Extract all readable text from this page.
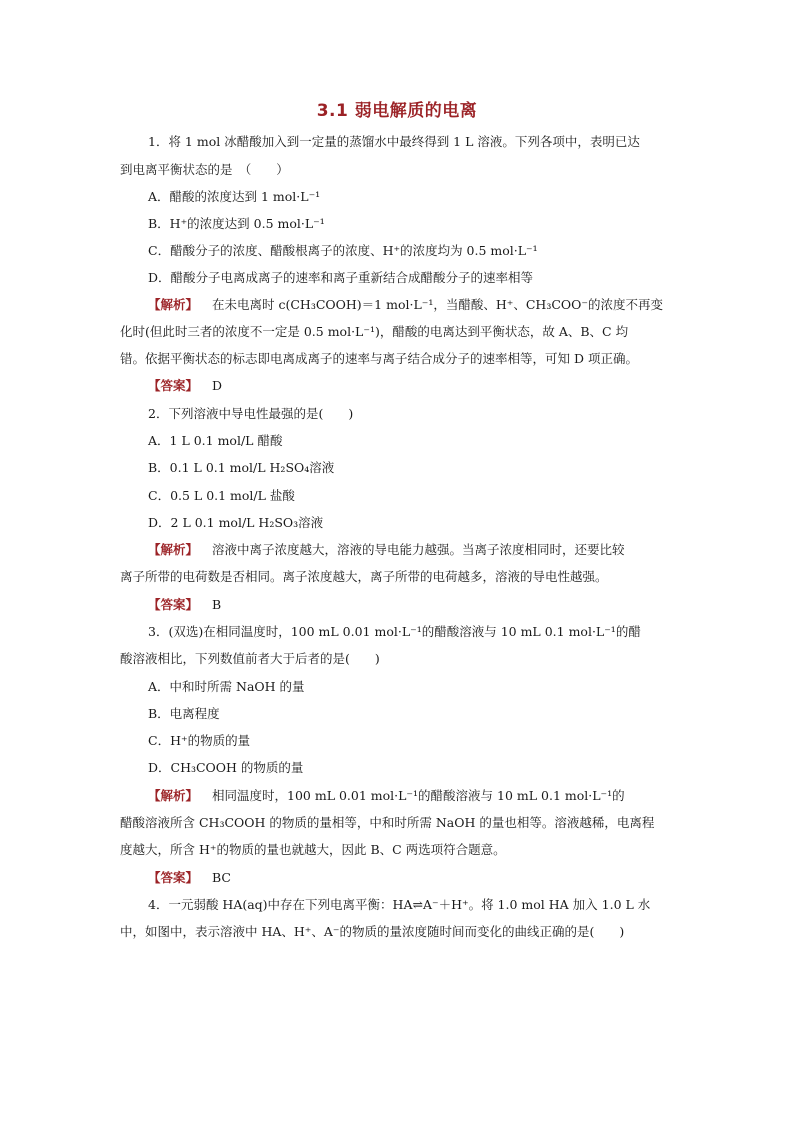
3.1 弱电解质的电离
1．将 1 mol 冰醋酸加入到一定量的蒸馏水中最终得到 1 L 溶液。下列各项中，表明已达
到电离平衡状态的是　（　　）
A．醋酸的浓度达到 1 mol·L⁻¹
B．H⁺的浓度达到 0.5 mol·L⁻¹
C．醋酸分子的浓度、醋酸根离子的浓度、H⁺的浓度均为 0.5 mol·L⁻¹
D．醋酸分子电离成离子的速率和离子重新结合成醋酸分子的速率相等
【解析】 在未电离时 c(CH₃COOH)＝1 mol·L⁻¹，当醋酸、H⁺、CH₃COO⁻的浓度不再变
化时(但此时三者的浓度不一定是 0.5 mol·L⁻¹)，醋酸的电离达到平衡状态，故 A、B、C 均
错。依据平衡状态的标志即电离成离子的速率与离子结合成分子的速率相等，可知 D 项正确。
【答案】 D
2．下列溶液中导电性最强的是(　　)
A．1 L 0.1 mol/L 醋酸
B．0.1 L 0.1 mol/L H₂SO₄溶液
C．0.5 L 0.1 mol/L 盐酸
D．2 L 0.1 mol/L H₂SO₃溶液
【解析】 溶液中离子浓度越大，溶液的导电能力越强。当离子浓度相同时，还要比较
离子所带的电荷数是否相同。离子浓度越大，离子所带的电荷越多，溶液的导电性越强。
【答案】 B
3．(双选)在相同温度时，100 mL 0.01 mol·L⁻¹的醋酸溶液与 10 mL 0.1 mol·L⁻¹的醋
酸溶液相比，下列数值前者大于后者的是(　　)
A．中和时所需 NaOH 的量
B．电离程度
C．H⁺的物质的量
D．CH₃COOH 的物质的量
【解析】 相同温度时，100 mL 0.01 mol·L⁻¹的醋酸溶液与 10 mL 0.1 mol·L⁻¹的
醋酸溶液所含 CH₃COOH 的物质的量相等，中和时所需 NaOH 的量也相等。溶液越稀，电离程
度越大，所含 H⁺的物质的量也就越大，因此 B、C 两选项符合题意。
【答案】 BC
4．一元弱酸 HA(aq)中存在下列电离平衡：HA⇌A⁻＋H⁺。将 1.0 mol HA 加入 1.0 L 水
中，如图中，表示溶液中 HA、H⁺、A⁻的物质的量浓度随时间而变化的曲线正确的是(　　)
